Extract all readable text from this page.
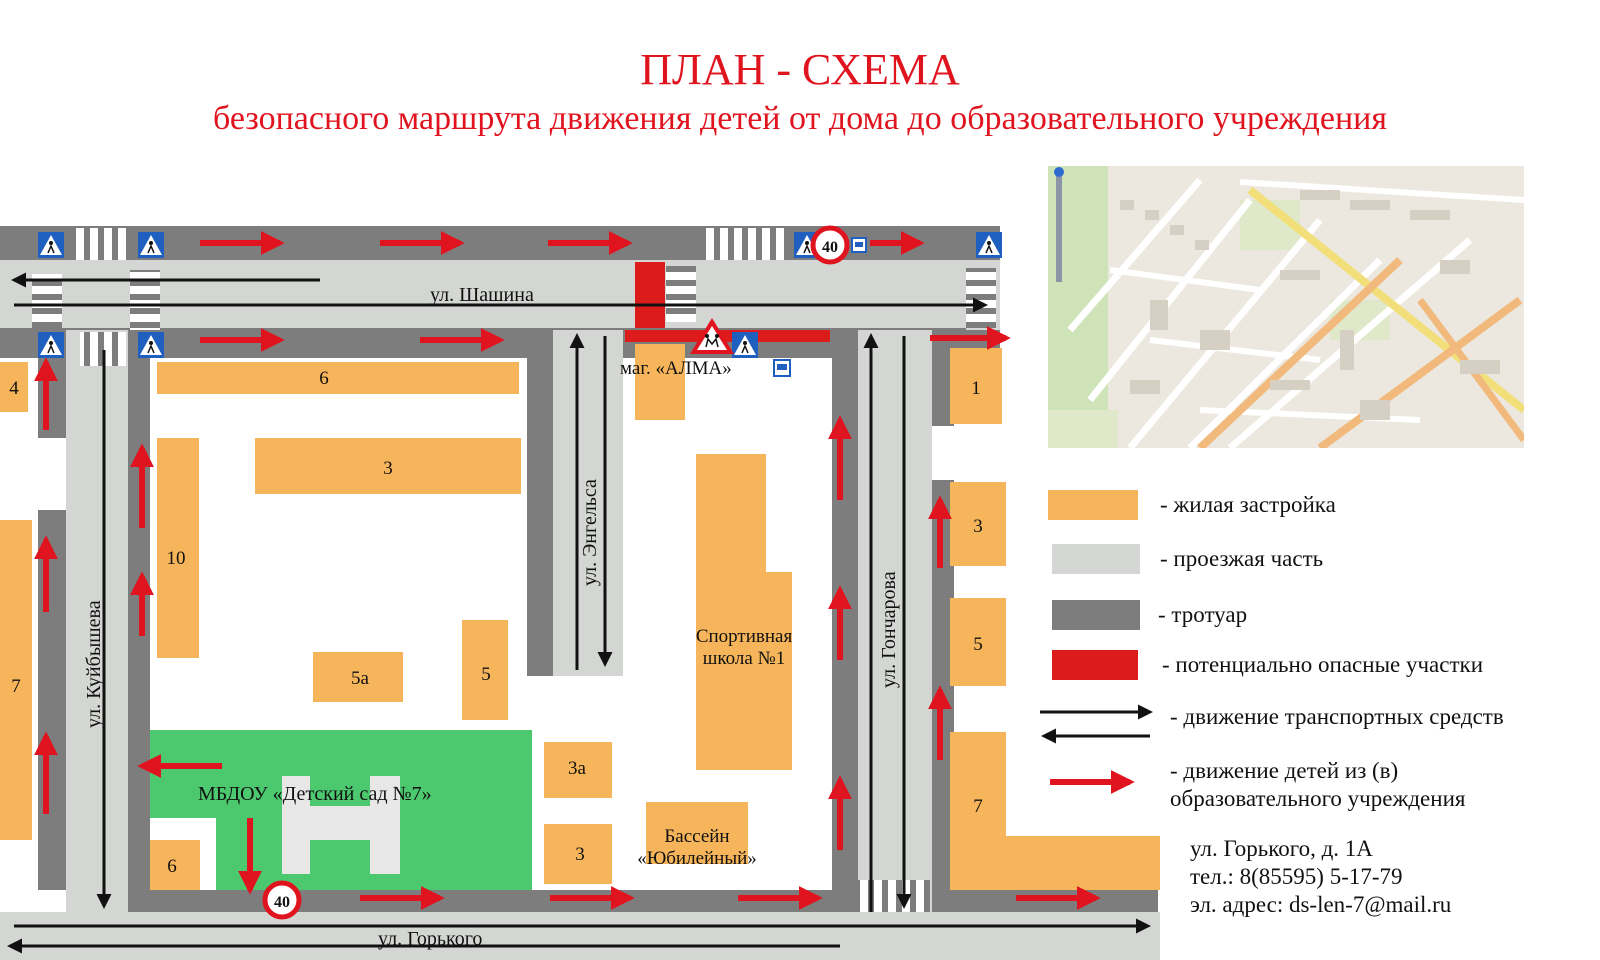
ПЛАН - СХЕМА
безопасного маршрута движения детей от дома до образовательного учреждения
40
40
ул. Шашина
ул. Куйбышева
ул. Энгельса
ул. Гончарова
ул. Горького
маг. «АЛМА»
Спортивная
школа №1
МБДОУ «Детский сад №7»
Бассейн
«Юбилейный»
4	6
3
10
5а	5
3а
3
6
7
1
3
5
7
- жилая застройка
- проезжая часть
- тротуар
- потенциально опасные участки
- движение транспортных средств
- движение детей из (в)
образовательного учреждения
ул. Горького, д. 1А
тел.: 8(85595) 5-17-79
эл. адрес: ds-len-7@mail.ru
